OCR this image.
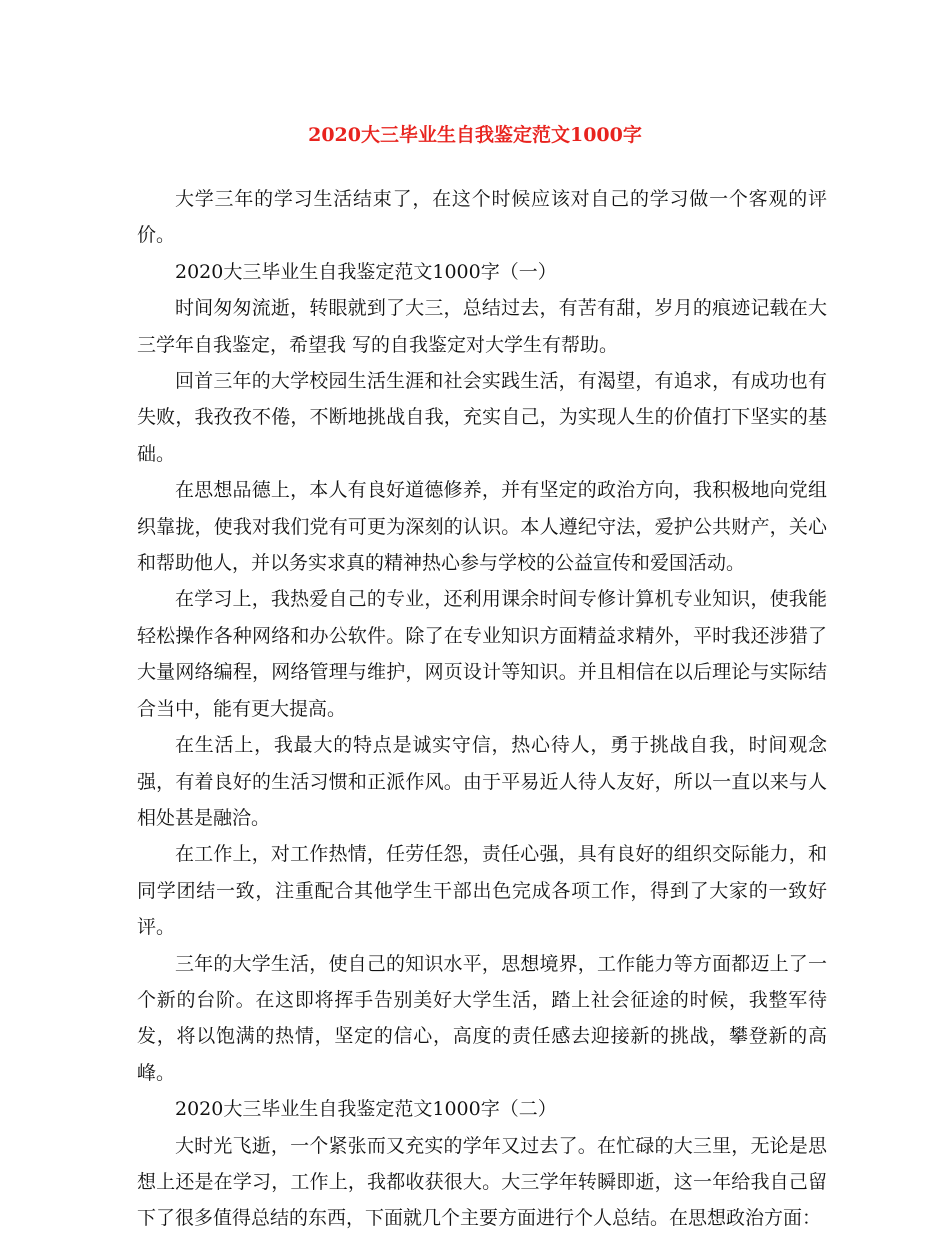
2020大三毕业生自我鉴定范文1000字

大学三年的学习生活结束了，在这个时候应该对自己的学习做一个客观的评价。

2020大三毕业生自我鉴定范文1000字（一）

时间匆匆流逝，转眼就到了大三，总结过去，有苦有甜，岁月的痕迹记载在大三学年自我鉴定，希望我 写的自我鉴定对大学生有帮助。

回首三年的大学校园生活生涯和社会实践生活，有渴望，有追求，有成功也有失败，我孜孜不倦，不断地挑战自我，充实自己，为实现人生的价值打下坚实的基础。

在思想品德上，本人有良好道德修养，并有坚定的政治方向，我积极地向党组织靠拢，使我对我们党有可更为深刻的认识。本人遵纪守法，爱护公共财产，关心和帮助他人，并以务实求真的精神热心参与学校的公益宣传和爱国活动。

在学习上，我热爱自己的专业，还利用课余时间专修计算机专业知识，使我能轻松操作各种网络和办公软件。除了在专业知识方面精益求精外，平时我还涉猎了大量网络编程，网络管理与维护，网页设计等知识。并且相信在以后理论与实际结合当中，能有更大提高。

在生活上，我最大的特点是诚实守信，热心待人，勇于挑战自我，时间观念强，有着良好的生活习惯和正派作风。由于平易近人待人友好，所以一直以来与人相处甚是融洽。

在工作上，对工作热情，任劳任怨，责任心强，具有良好的组织交际能力，和同学团结一致，注重配合其他学生干部出色完成各项工作，得到了大家的一致好评。

三年的大学生活，使自己的知识水平，思想境界，工作能力等方面都迈上了一个新的台阶。在这即将挥手告别美好大学生活，踏上社会征途的时候，我整军待发，将以饱满的热情，坚定的信心，高度的责任感去迎接新的挑战，攀登新的高峰。

2020大三毕业生自我鉴定范文1000字（二）

大时光飞逝，一个紧张而又充实的学年又过去了。在忙碌的大三里，无论是思想上还是在学习，工作上，我都收获很大。大三学年转瞬即逝，这一年给我自己留下了很多值得总结的东西，下面就几个主要方面进行个人总结。在思想政治方面：
